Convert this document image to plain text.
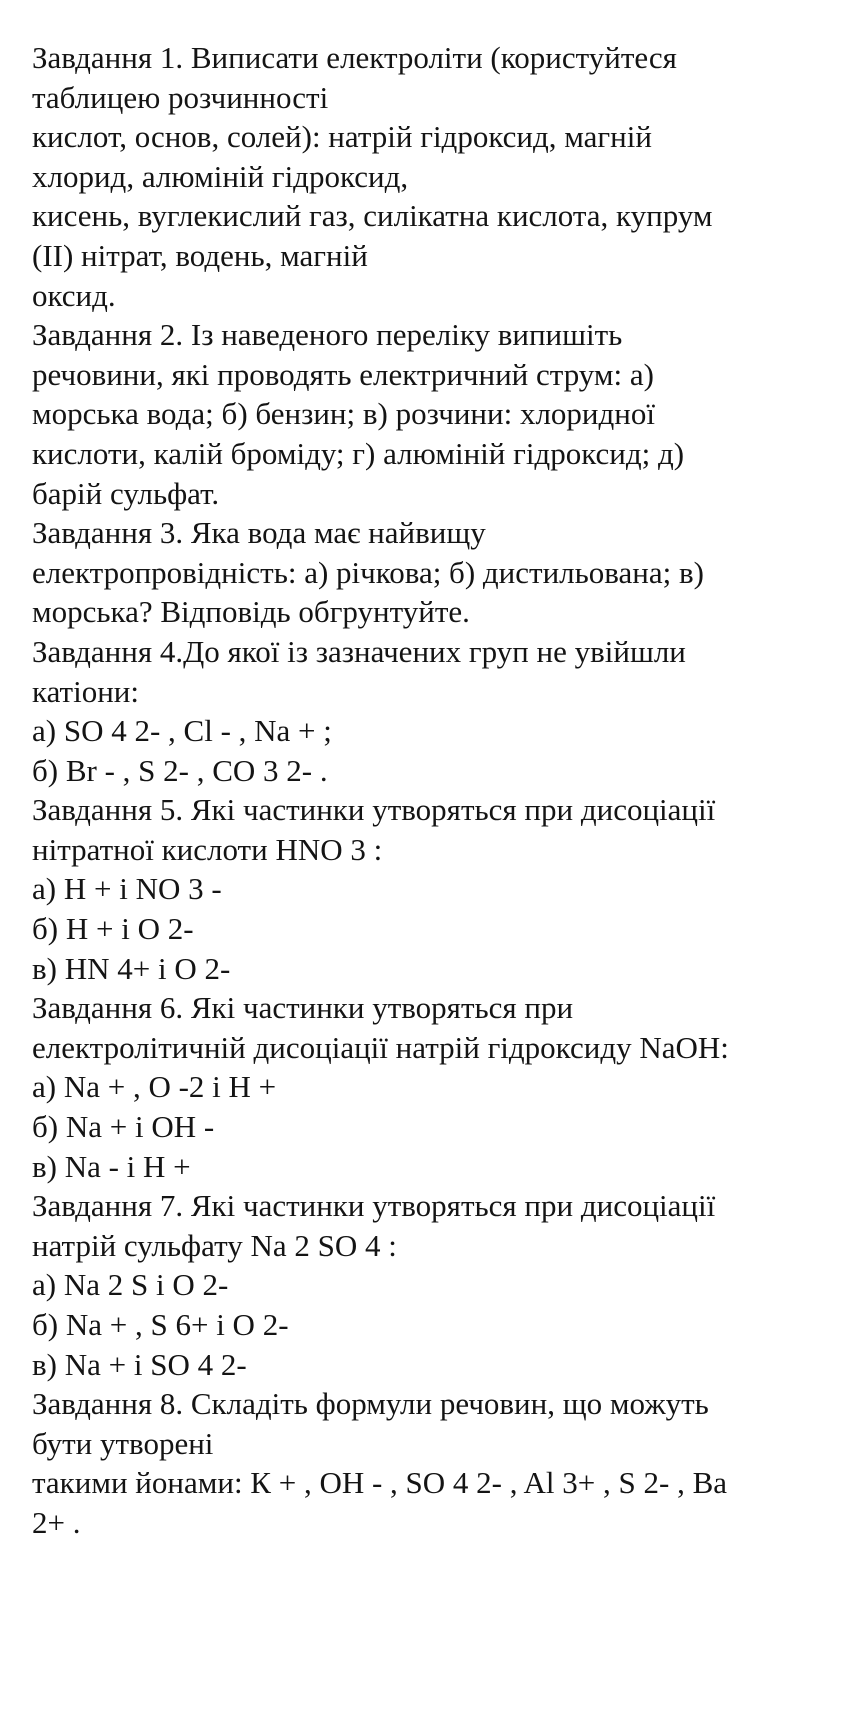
Завдання 1. Виписати електроліти (користуйтеся
таблицею розчинності
кислот, основ, солей): натрій гідроксид, магній
хлорид, алюміній гідроксид,
кисень, вуглекислий газ, силікатна кислота, купрум
(II) нітрат, водень, магній
оксид.
Завдання 2. Із наведеного переліку випишіть
речовини, які проводять електричний струм: а)
морська вода; б) бензин; в) розчини: хлоридної
кислоти, калій броміду; г) алюміній гідроксид; д)
барій сульфат.
Завдання 3. Яка вода має найвищу
електропровідність: а) річкова; б) дистильована; в)
морська? Відповідь обгрунтуйте.
Завдання 4.До якої із зазначених груп не увійшли
катіони:
а) SO 4 2- , Cl - , Na + ;
б) Br - , S 2- , CO 3 2- .
Завдання 5. Які частинки утворяться при дисоціації
нітратної кислоти HNO 3 :
а) H + і NO 3 -
б) H + і O 2-
в) HN 4+ і O 2-
Завдання 6. Які частинки утворяться при
електролітичній дисоціації натрій гідроксиду NaOH:
а) Na + , O -2 і H +
б) Na + і OH -
в) Na - і H +
Завдання 7. Які частинки утворяться при дисоціації
натрій сульфату Na 2 SO 4 :
а) Na 2 S і O 2-
б) Na + , S 6+ і O 2-
в) Na + і SO 4 2-
Завдання 8. Складіть формули речовин, що можуть
бути утворені
такими йонами: К + , OH - , SO 4 2- , Al 3+ , S 2- , Ba
2+ .
